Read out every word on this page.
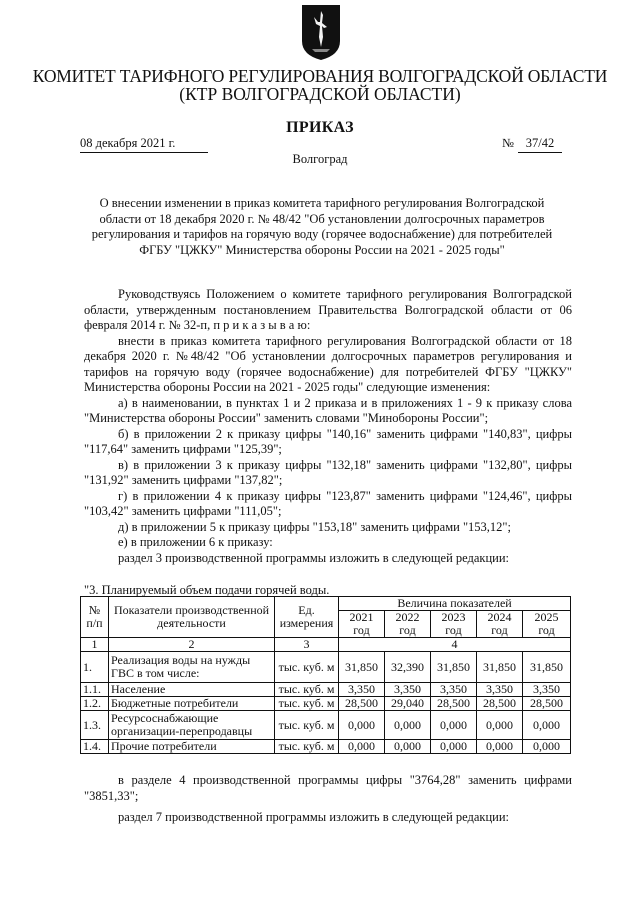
КОМИТЕТ ТАРИФНОГО РЕГУЛИРОВАНИЯ ВОЛГОГРАДСКОЙ ОБЛАСТИ
(КТР ВОЛГОГРАДСКОЙ ОБЛАСТИ)
ПРИКАЗ
08 декабря 2021 г.	№ 37/42
Волгоград
О внесении изменении в приказ комитета тарифного регулирования Волгоградской области от 18 декабря 2020 г. № 48/42 "Об установлении долгосрочных параметров регулирования и тарифов на горячую воду (горячее водоснабжение) для потребителей ФГБУ "ЦЖКУ" Министерства обороны России на 2021 - 2025 годы"

Руководствуясь Положением о комитете тарифного регулирования Волгоградской области, утвержденным постановлением Правительства Волгоградской области от 06 февраля 2014 г. № 32-п, п р и к а з ы в а ю:

внести в приказ комитета тарифного регулирования Волгоградской области от 18 декабря 2020 г. №48/42 "Об установлении долгосрочных параметров регулирования и тарифов на горячую воду (горячее водоснабжение) для потребителей ФГБУ "ЦЖКУ" Министерства обороны России на 2021 - 2025 годы" следующие изменения:

а) в наименовании, в пунктах 1 и 2 приказа и в приложениях 1 - 9 к приказу слова "Министерства обороны России" заменить словами "Минобороны России";

б) в приложении 2 к приказу цифры "140,16" заменить цифрами "140,83", цифры "117,64" заменить цифрами "125,39";

в) в приложении 3 к приказу цифры "132,18" заменить цифрами "132,80", цифры "131,92" заменить цифрами "137,82";

г) в приложении 4 к приказу цифры "123,87" заменить цифрами "124,46", цифры "103,42" заменить цифрами "111,05";

д) в приложении 5 к приказу цифры "153,18" заменить цифрами "153,12";

е) в приложении 6 к приказу:

раздел 3 производственной программы изложить в следующей редакции:

"3. Планируемый объем подачи горячей воды.
№ п/п	Показатели производственной деятельности	Ед. измерения	Величина показателей				
			2021 год	2022 год	2023 год	2024 год	2025 год
1	2	3	4				
1.	Реализация воды на нужды ГВС в том числе:	тыс. куб. м	31,850	32,390	31,850	31,850	31,850
1.1.	Население	тыс. куб. м	3,350	3,350	3,350	3,350	3,350
1.2.	Бюджетные потребители	тыс. куб. м	28,500	29,040	28,500	28,500	28,500
1.3.	Ресурсоснабжающие организации-перепродавцы	тыс. куб. м	0,000	0,000	0,000	0,000	0,000
1.4.	Прочие потребители	тыс. куб. м	0,000	0,000	0,000	0,000	0,000

в разделе 4 производственной программы цифры "3764,28" заменить цифрами "3851,33";

раздел 7 производственной программы изложить в следующей редакции:
